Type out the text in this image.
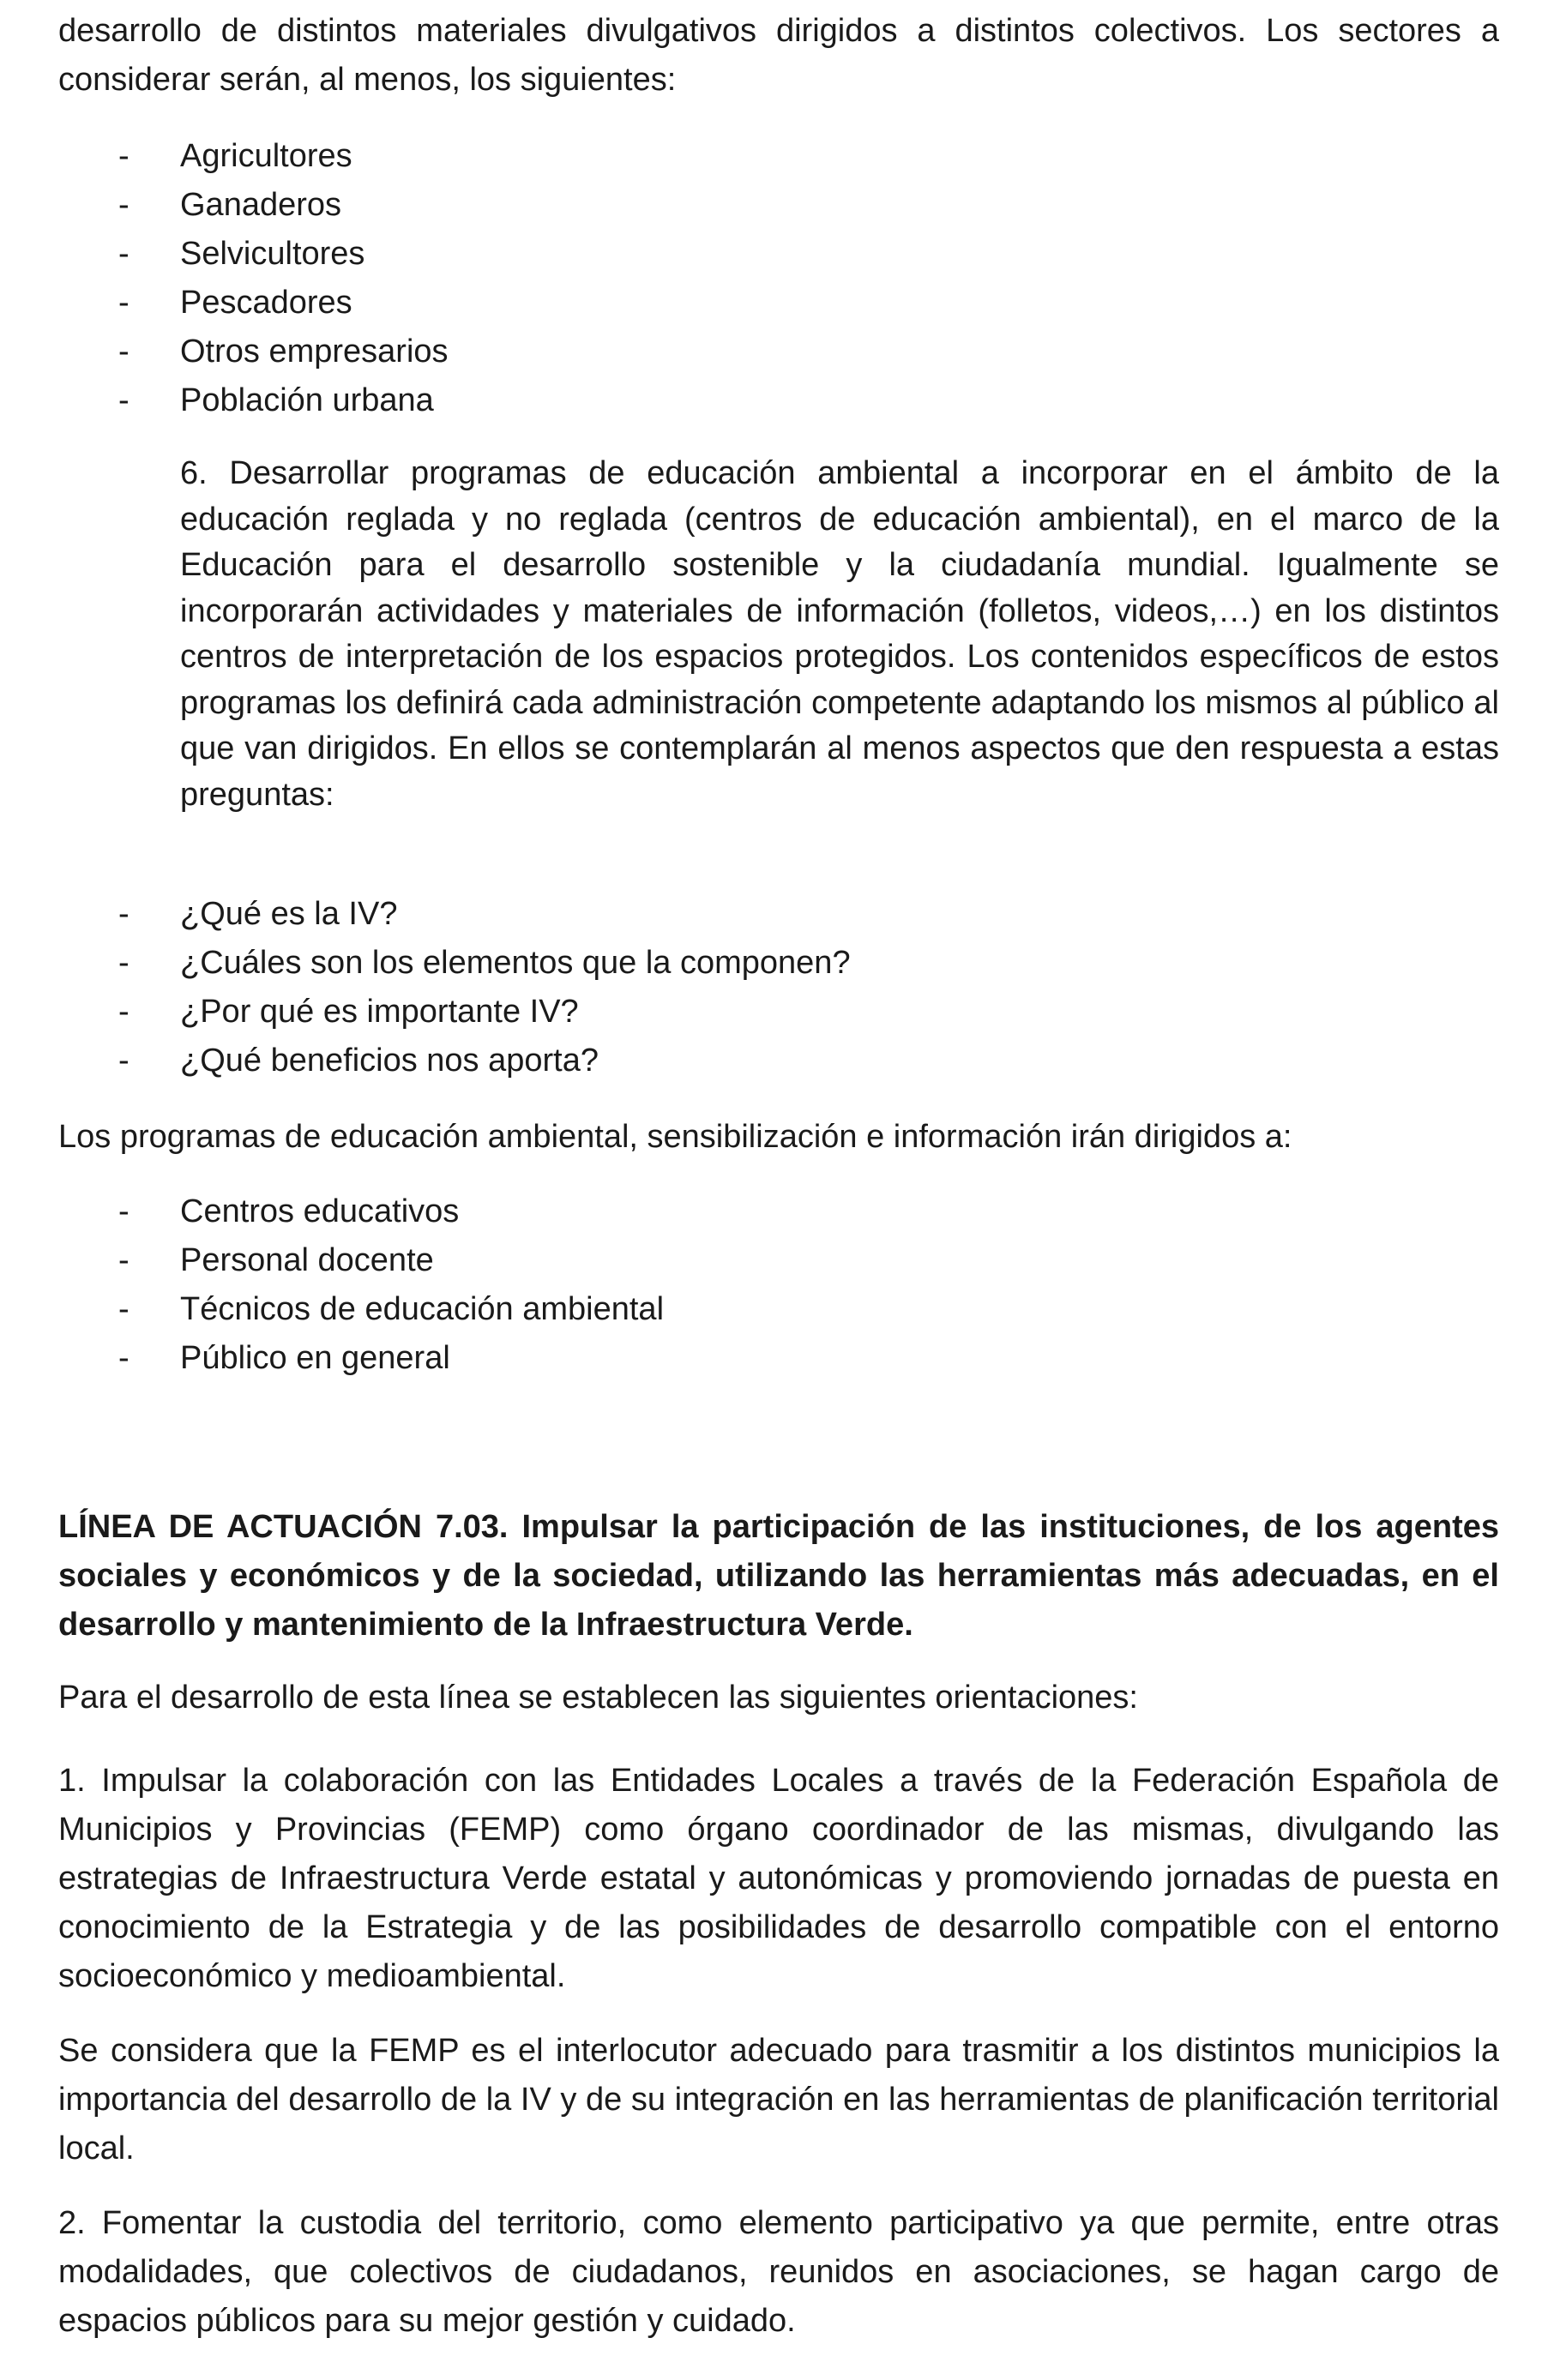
desarrollo de distintos materiales divulgativos dirigidos a distintos colectivos. Los sectores a considerar serán, al menos, los siguientes:

- Agricultores
- Ganaderos
- Selvicultores
- Pescadores
- Otros empresarios
- Población urbana

6. Desarrollar programas de educación ambiental a incorporar en el ámbito de la educación reglada y no reglada (centros de educación ambiental), en el marco de la Educación para el desarrollo sostenible y la ciudadanía mundial. Igualmente se incorporarán actividades y materiales de información (folletos, videos,…) en los distintos centros de interpretación de los espacios protegidos. Los contenidos específicos de estos programas los definirá cada administración competente adaptando los mismos al público al que van dirigidos. En ellos se contemplarán al menos aspectos que den respuesta a estas preguntas:

- ¿Qué es la IV?
- ¿Cuáles son los elementos que la componen?
- ¿Por qué es importante IV?
- ¿Qué beneficios nos aporta?

Los programas de educación ambiental, sensibilización e información irán dirigidos a:

- Centros educativos
- Personal docente
- Técnicos de educación ambiental
- Público en general

LÍNEA DE ACTUACIÓN 7.03. Impulsar la participación de las instituciones, de los agentes sociales y económicos y de la sociedad, utilizando las herramientas más adecuadas, en el desarrollo y mantenimiento de la Infraestructura Verde.

Para el desarrollo de esta línea se establecen las siguientes orientaciones:

1. Impulsar la colaboración con las Entidades Locales a través de la Federación Española de Municipios y Provincias (FEMP) como órgano coordinador de las mismas, divulgando las estrategias de Infraestructura Verde estatal y autonómicas y promoviendo jornadas de puesta en conocimiento de la Estrategia y de las posibilidades de desarrollo compatible con el entorno socioeconómico y medioambiental.

Se considera que la FEMP es el interlocutor adecuado para trasmitir a los distintos municipios la importancia del desarrollo de la IV y de su integración en las herramientas de planificación territorial local.

2. Fomentar la custodia del territorio, como elemento participativo ya que permite, entre otras modalidades, que colectivos de ciudadanos, reunidos en asociaciones, se hagan cargo de espacios públicos para su mejor gestión y cuidado.
